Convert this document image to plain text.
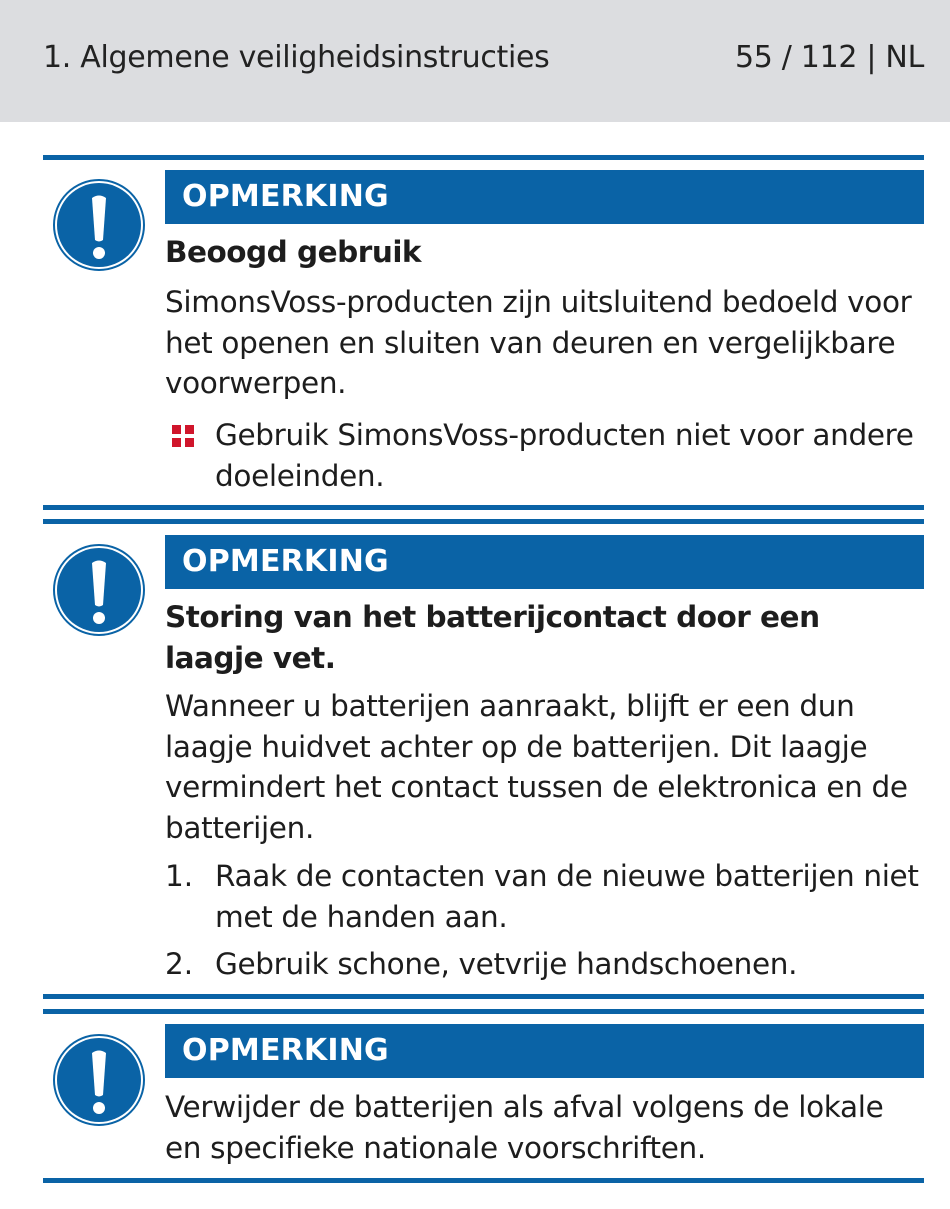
1. Algemene veiligheidsinstructies	55 / 112 | NL
OPMERKING
Beoogd gebruik
SimonsVoss-producten zijn uitsluitend bedoeld voor het openen en sluiten van deuren en vergelijkbare voorwerpen.
Gebruik SimonsVoss-producten niet voor andere doeleinden.
OPMERKING
Storing van het batterijcontact door een laagje vet.
Wanneer u batterijen aanraakt, blijft er een dun laagje huidvet achter op de batterijen. Dit laagje vermindert het contact tussen de elektronica en de batterijen.
1. Raak de contacten van de nieuwe batterijen niet met de handen aan.
2. Gebruik schone, vetvrije handschoenen.
OPMERKING
Verwijder de batterijen als afval volgens de lokale en specifieke nationale voorschriften.
